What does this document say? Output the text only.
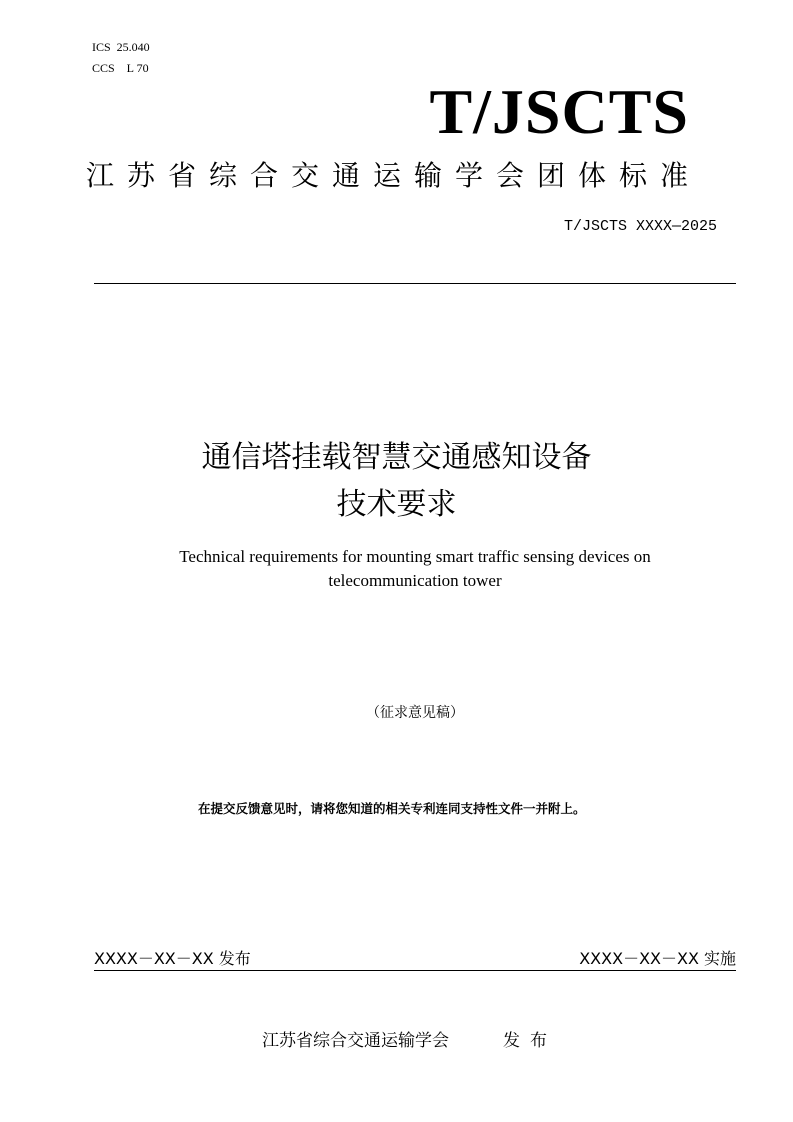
ICS  25.040
CCS    L 70
T/JSCTS
江苏省综合交通运输学会团体标准
T/JSCTS XXXX—2025
通信塔挂载智慧交通感知设备
技术要求
Technical requirements for mounting smart traffic sensing devices on
telecommunication tower
（征求意见稿）
在提交反馈意见时，请将您知道的相关专利连同支持性文件一并附上。
XXXX－XX－XX 发布	XXXX－XX－XX 实施
江苏省综合交通运输学会	发布
